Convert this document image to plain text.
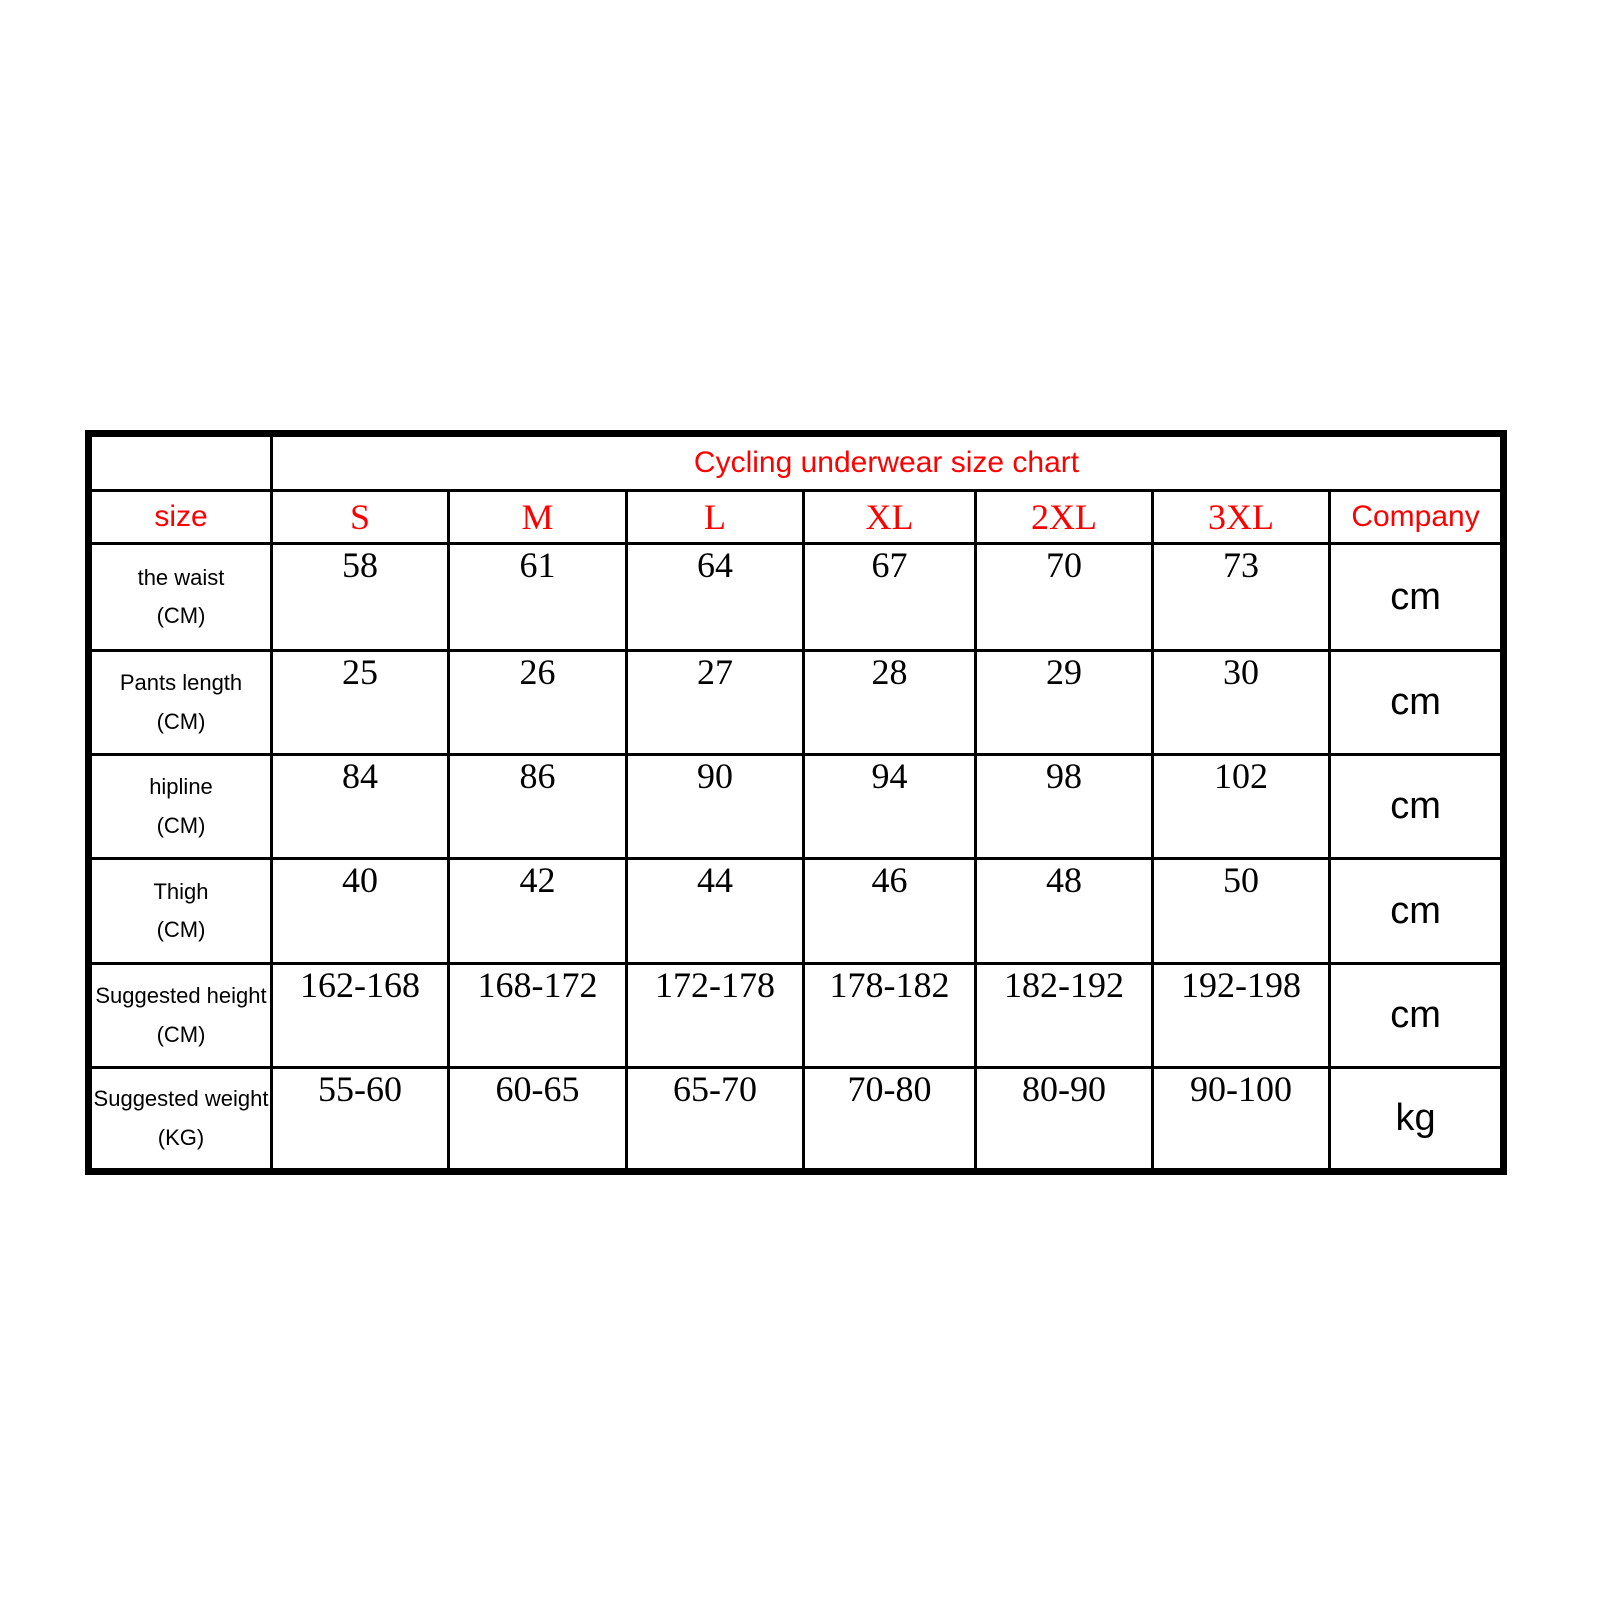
	Cycling underwear size chart						
size	S	M	L	XL	2XL	3XL	Company

the waist
(CM)	58	61	64	67	70	73	cm

Pants length
(CM)	25	26	27	28	29	30	cm

hipline
(CM)	84	86	90	94	98	102	cm

Thigh
(CM)	40	42	44	46	48	50	cm

Suggested height
(CM)	162-168	168-172	172-178	178-182	182-192	192-198	cm

Suggested weight
(KG)	55-60	60-65	65-70	70-80	80-90	90-100	kg
